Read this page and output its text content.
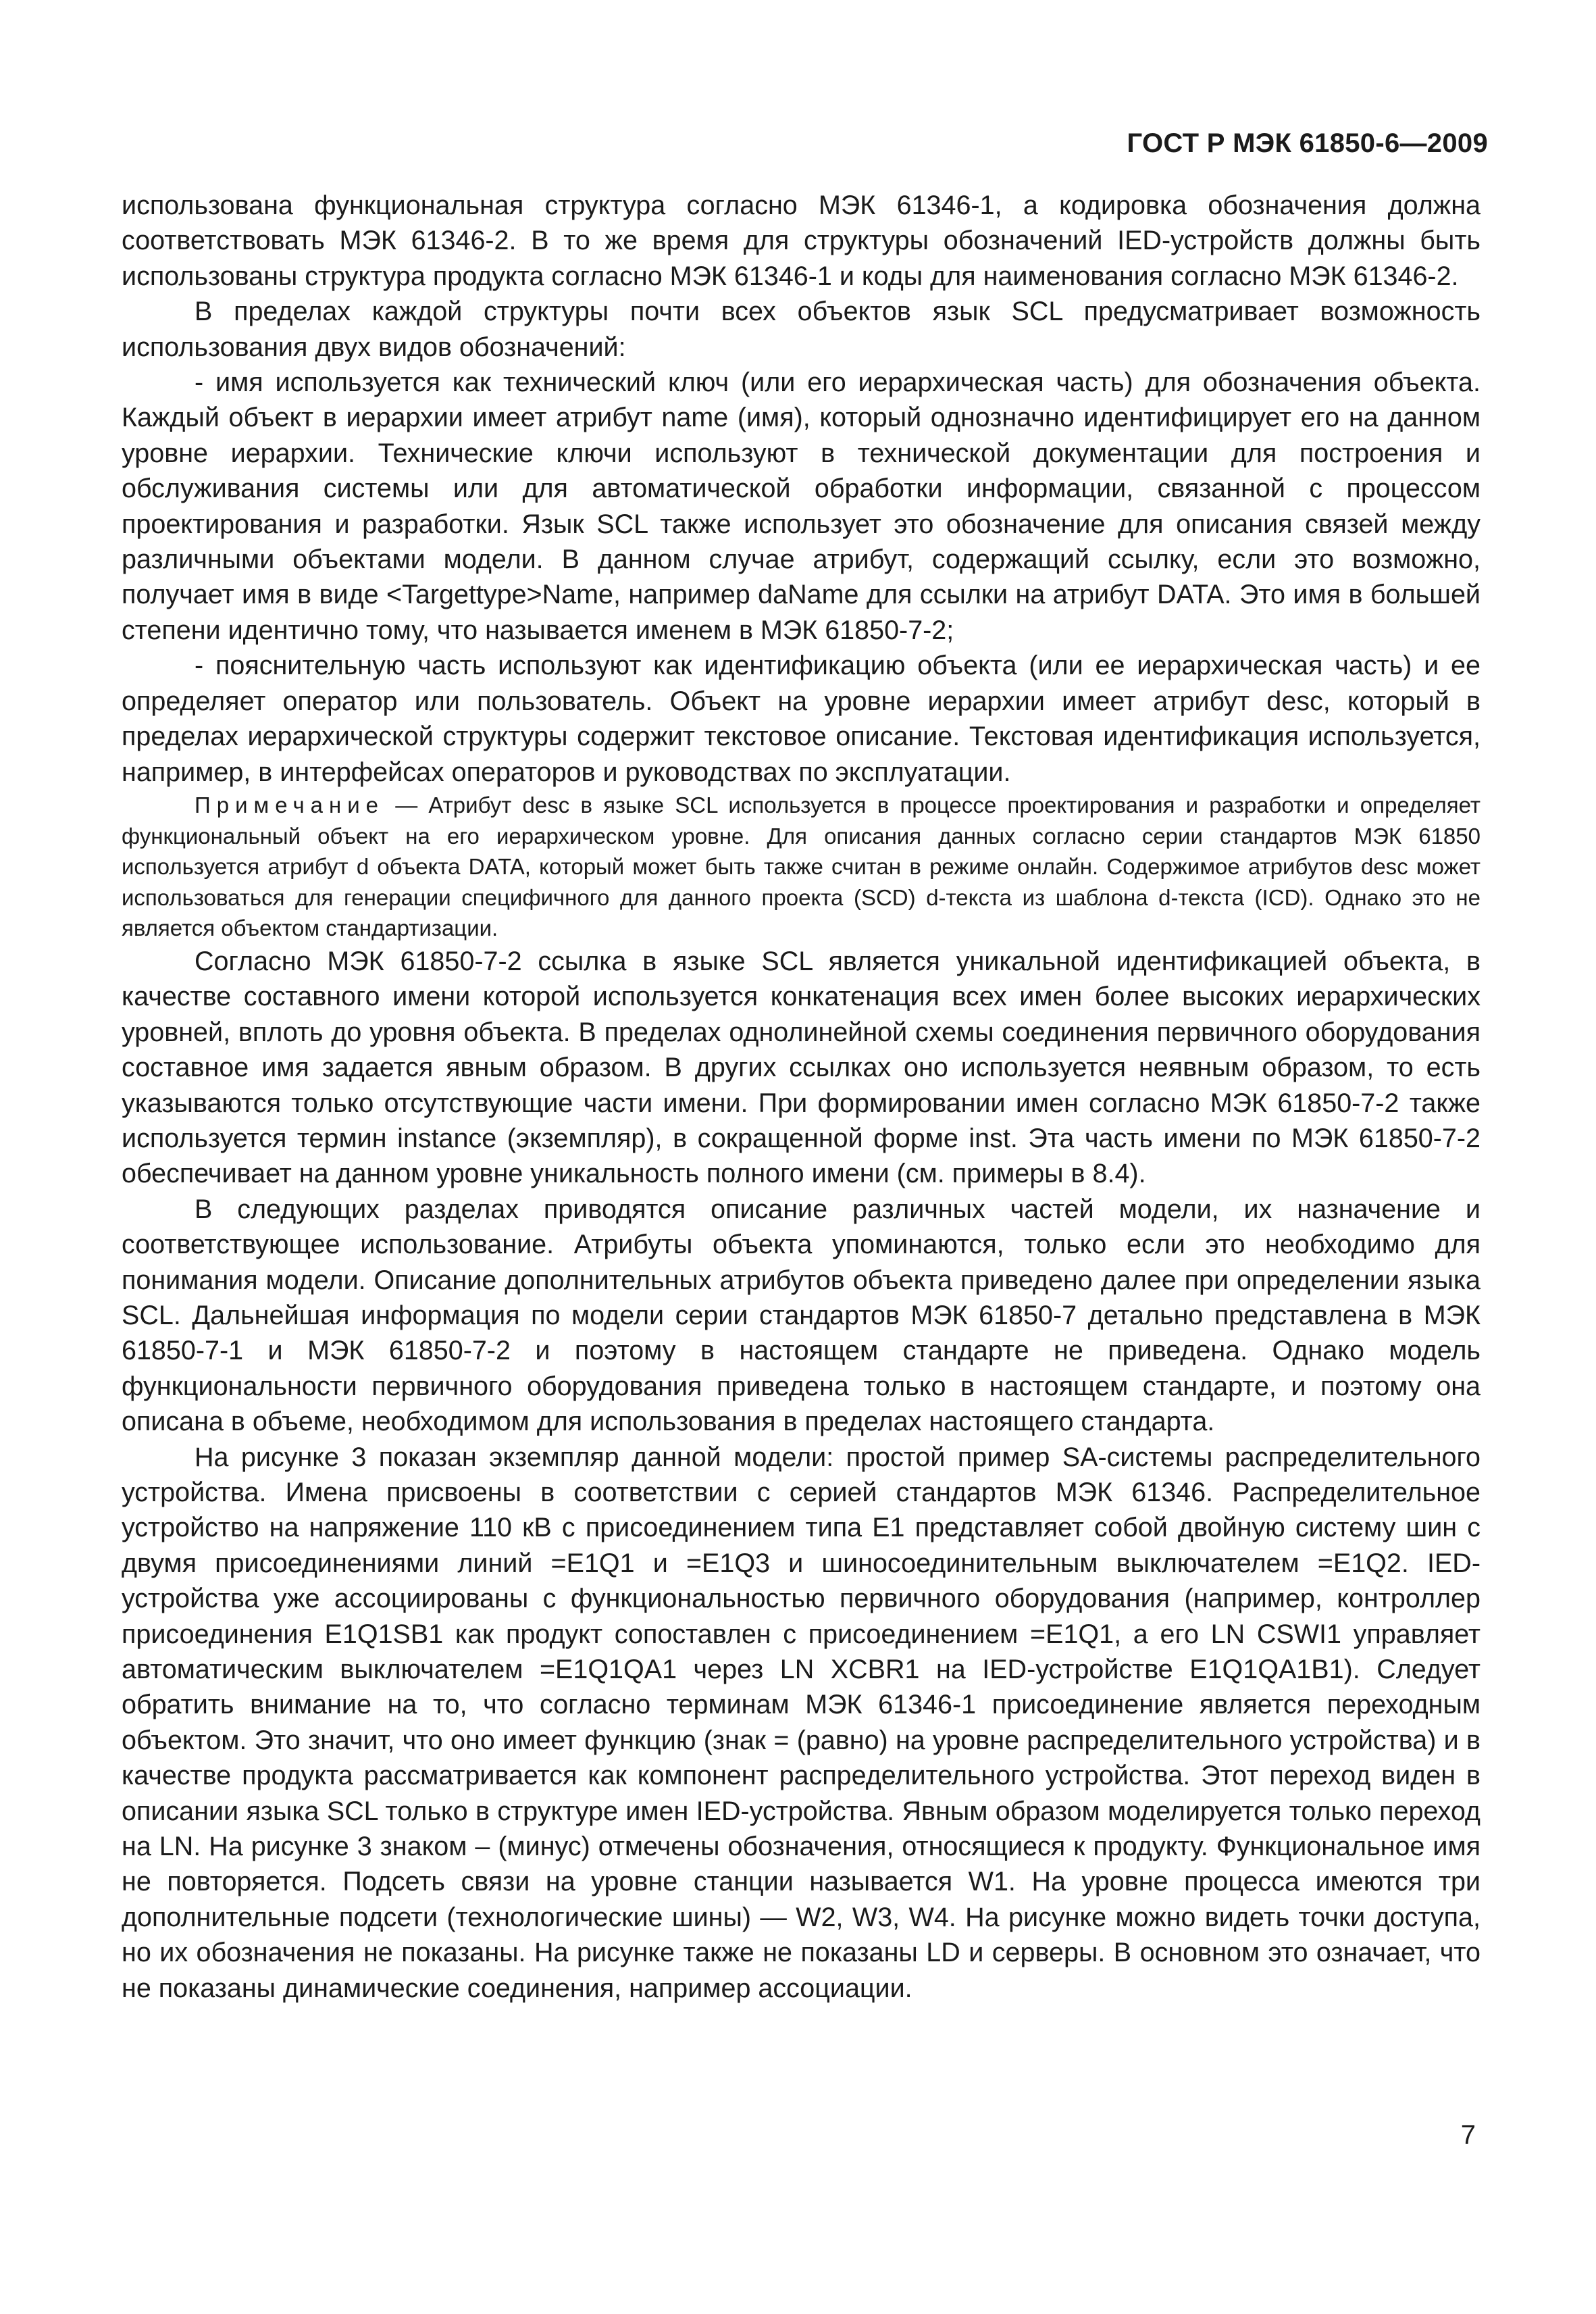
ГОСТ Р МЭК 61850-6—2009

использована функциональная структура согласно МЭК 61346-1, а кодировка обозначения должна соответствовать МЭК 61346-2. В то же время для структуры обозначений IED-устройств должны быть использованы структура продукта согласно МЭК 61346-1 и коды для наименования согласно МЭК 61346-2.

В пределах каждой структуры почти всех объектов язык SCL предусматривает возможность использования двух видов обозначений:

- имя используется как технический ключ (или его иерархическая часть) для обозначения объекта. Каждый объект в иерархии имеет атрибут name (имя), который однозначно идентифицирует его на данном уровне иерархии. Технические ключи используют в технической документации для построения и обслуживания системы или для автоматической обработки информации, связанной с процессом проектирования и разработки. Язык SCL также использует это обозначение для описания связей между различными объектами модели. В данном случае атрибут, содержащий ссылку, если это возможно, получает имя в виде <Targettype>Name, например daName для ссылки на атрибут DATA. Это имя в большей степени идентично тому, что называется именем в МЭК 61850-7-2;

- пояснительную часть используют как идентификацию объекта (или ее иерархическая часть) и ее определяет оператор или пользователь. Объект на уровне иерархии имеет атрибут desc, который в пределах иерархической структуры содержит текстовое описание. Текстовая идентификация используется, например, в интерфейсах операторов и руководствах по эксплуатации.

Примечание — Атрибут desc в языке SCL используется в процессе проектирования и разработки и определяет функциональный объект на его иерархическом уровне. Для описания данных согласно серии стандартов МЭК 61850 используется атрибут d объекта DATA, который может быть также считан в режиме онлайн. Содержимое атрибутов desc может использоваться для генерации специфичного для данного проекта (SCD) d-текста из шаблона d-текста (ICD). Однако это не является объектом стандартизации.

Согласно МЭК 61850-7-2 ссылка в языке SCL является уникальной идентификацией объекта, в качестве составного имени которой используется конкатенация всех имен более высоких иерархических уровней, вплоть до уровня объекта. В пределах однолинейной схемы соединения первичного оборудования составное имя задается явным образом. В других ссылках оно используется неявным образом, то есть указываются только отсутствующие части имени. При формировании имен согласно МЭК 61850-7-2 также используется термин instance (экземпляр), в сокращенной форме inst. Эта часть имени по МЭК 61850-7-2 обеспечивает на данном уровне уникальность полного имени (см. примеры в 8.4).

В следующих разделах приводятся описание различных частей модели, их назначение и соответствующее использование. Атрибуты объекта упоминаются, только если это необходимо для понимания модели. Описание дополнительных атрибутов объекта приведено далее при определении языка SCL. Дальнейшая информация по модели серии стандартов МЭК 61850-7 детально представлена в МЭК 61850-7-1 и МЭК 61850-7-2 и поэтому в настоящем стандарте не приведена. Однако модель функциональности первичного оборудования приведена только в настоящем стандарте, и поэтому она описана в объеме, необходимом для использования в пределах настоящего стандарта.

На рисунке 3 показан экземпляр данной модели: простой пример SA-системы распределительного устройства. Имена присвоены в соответствии с серией стандартов МЭК 61346. Распределительное устройство на напряжение 110 кВ с присоединением типа Е1 представляет собой двойную систему шин с двумя присоединениями линий =E1Q1 и =E1Q3 и шиносоединительным выключателем =E1Q2. IED-устройства уже ассоциированы с функциональностью первичного оборудования (например, контроллер присоединения E1Q1SB1 как продукт сопоставлен с присоединением =E1Q1, а его LN CSWI1 управляет автоматическим выключателем =E1Q1QA1 через LN XCBR1 на IED-устройстве E1Q1QA1B1). Следует обратить внимание на то, что согласно терминам МЭК 61346-1 присоединение является переходным объектом. Это значит, что оно имеет функцию (знак = (равно) на уровне распределительного устройства) и в качестве продукта рассматривается как компонент распределительного устройства. Этот переход виден в описании языка SCL только в структуре имен IED-устройства. Явным образом моделируется только переход на LN. На рисунке 3 знаком – (минус) отмечены обозначения, относящиеся к продукту. Функциональное имя не повторяется. Подсеть связи на уровне станции называется W1. На уровне процесса имеются три дополнительные подсети (технологические шины) — W2, W3, W4. На рисунке можно видеть точки доступа, но их обозначения не показаны. На рисунке также не показаны LD и серверы. В основном это означает, что не показаны динамические соединения, например ассоциации.

7
